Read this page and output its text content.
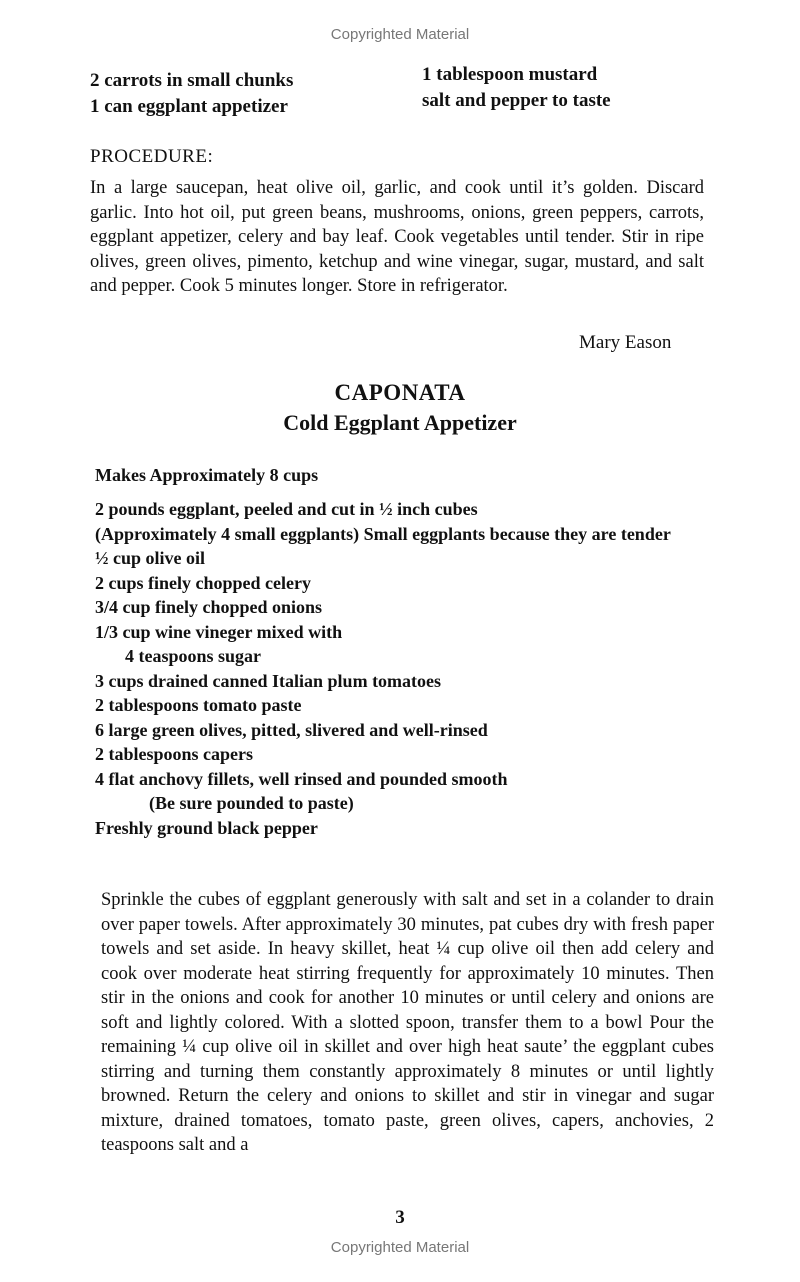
Copyrighted Material
2 carrots in small chunks
1 can eggplant appetizer
1 tablespoon mustard
salt and pepper to taste
PROCEDURE:
In a large saucepan, heat olive oil, garlic, and cook until it’s golden. Discard garlic. Into hot oil, put green beans, mushrooms, onions, green peppers, carrots, eggplant appetizer, celery and bay leaf. Cook vegetables until tender. Stir in ripe olives, green olives, pimento, ketchup and wine vinegar, sugar, mustard, and salt and pepper. Cook 5 minutes longer. Store in refrigerator.
Mary Eason
CAPONATA
Cold Eggplant Appetizer
Makes Approximately 8 cups
2 pounds eggplant, peeled and cut in ½ inch cubes
(Approximately 4 small eggplants) Small eggplants because they are tender
½ cup olive oil
2 cups finely chopped celery
3/4 cup finely chopped onions
1/3 cup wine vineger mixed with
4 teaspoons sugar
3 cups drained canned Italian plum tomatoes
2 tablespoons tomato paste
6 large green olives, pitted, slivered and well-rinsed
2 tablespoons capers
4 flat anchovy fillets, well rinsed and pounded smooth
(Be sure pounded to paste)
Freshly ground black pepper
Sprinkle the cubes of eggplant generously with salt and set in a colander to drain over paper towels. After approximately 30 minutes, pat cubes dry with fresh paper towels and set aside. In heavy skillet, heat ¼ cup olive oil then add celery and cook over moderate heat stirring frequently for approximately 10 minutes. Then stir in the onions and cook for another 10 minutes or until celery and onions are soft and lightly colored. With a slotted spoon, transfer them to a bowl Pour the remaining ¼ cup olive oil in skillet and over high heat saute’ the eggplant cubes stirring and turning them constantly approximately 8 minutes or until lightly browned. Return the celery and onions to skillet and stir in vinegar and sugar mixture, drained tomatoes, tomato paste, green olives, capers, anchovies, 2 teaspoons salt and a
3
Copyrighted Material
